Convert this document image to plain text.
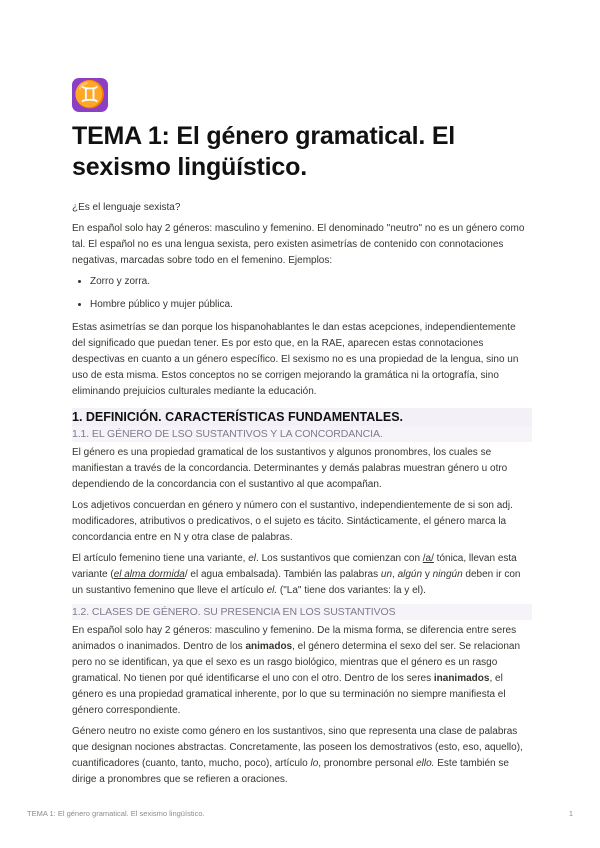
♊
TEMA 1: El género gramatical. El sexismo lingüístico.

¿Es el lenguaje sexista?

En español solo hay 2 géneros: masculino y femenino. El denominado "neutro" no es un género como tal. El español no es una lengua sexista, pero existen asimetrías de contenido con connotaciones negativas, marcadas sobre todo en el femenino. Ejemplos:

• Zorro y zorra.
• Hombre público y mujer pública.

Estas asimetrías se dan porque los hispanohablantes le dan estas acepciones, independientemente del significado que puedan tener. Es por esto que, en la RAE, aparecen estas connotaciones despectivas en cuanto a un género específico. El sexismo no es una propiedad de la lengua, sino un uso de esta misma. Estos conceptos no se corrigen mejorando la gramática ni la ortografía, sino eliminando prejuicios culturales mediante la educación.

1. DEFINICIÓN. CARACTERÍSTICAS FUNDAMENTALES.
1.1. EL GÉNERO DE LSO SUSTANTIVOS Y LA CONCORDANCIA.

El género es una propiedad gramatical de los sustantivos y algunos pronombres, los cuales se manifiestan a través de la concordancia. Determinantes y demás palabras muestran género u otro dependiendo de la concordancia con el sustantivo al que acompañan.

Los adjetivos concuerdan en género y número con el sustantivo, independientemente de si son adj. modificadores, atributivos o predicativos, o el sujeto es tácito. Sintácticamente, el género marca la concordancia entre en N y otra clase de palabras.

El artículo femenino tiene una variante, el. Los sustantivos que comienzan con /a/ tónica, llevan esta variante (el alma dormida/ el agua embalsada). También las palabras un, algún y ningún deben ir con un sustantivo femenino que lleve el artículo el. ("La" tiene dos variantes: la y el).

1.2. CLASES DE GÉNERO. SU PRESENCIA EN LOS SUSTANTIVOS

En español solo hay 2 géneros: masculino y femenino. De la misma forma, se diferencia entre seres animados o inanimados. Dentro de los animados, el género determina el sexo del ser. Se relacionan pero no se identifican, ya que el sexo es un rasgo biológico, mientras que el género es un rasgo gramatical. No tienen por qué identificarse el uno con el otro. Dentro de los seres inanimados, el género es una propiedad gramatical inherente, por lo que su terminación no siempre manifiesta el género correspondiente.

Género neutro no existe como género en los sustantivos, sino que representa una clase de palabras que designan nociones abstractas. Concretamente, las poseen los demostrativos (esto, eso, aquello), cuantificadores (cuanto, tanto, mucho, poco), artículo lo, pronombre personal ello. Este también se dirige a pronombres que se refieren a oraciones.

TEMA 1: El género gramatical. El sexismo lingüístico.	1
